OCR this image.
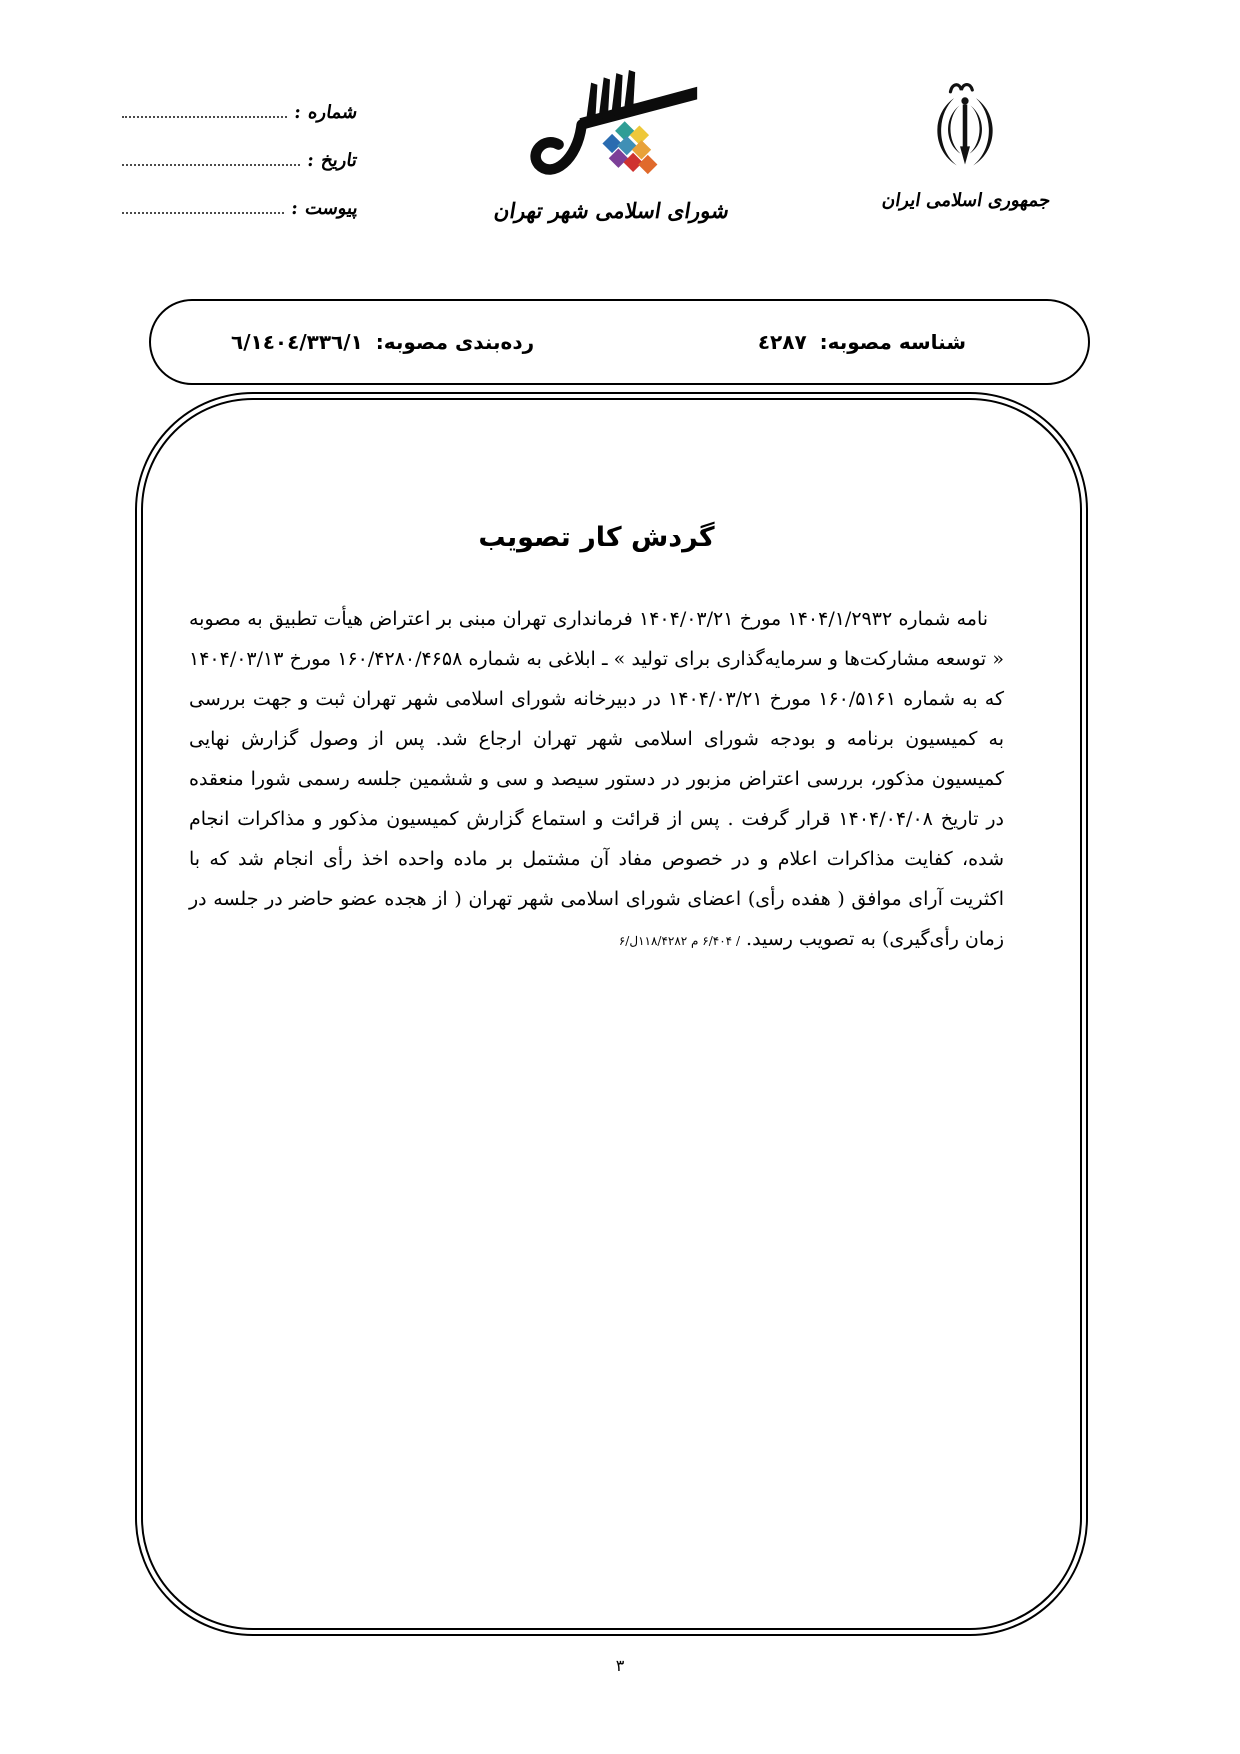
شماره :
تاریخ :
پیوست :	شورای اسلامی شهر تهران	جمهوری اسلامی ایران
شناسه مصوبه: ٤٢٨٧
رده‌بندی مصوبه: ٦/١٤٠٤/٣٣٦/١
گردش کار تصویب

نامه شماره ۱۴۰۴/۱/۲۹۳۲ مورخ ۱۴۰۴/۰۳/۲۱ فرمانداری تهران مبنی بر اعتراض هیأت تطبیق به مصوبه « توسعه مشارکت‌ها و سرمایه‌گذاری برای تولید » ـ ابلاغی به شماره ۱۶۰/۴۲۸۰/۴۶۵۸ مورخ ۱۴۰۴/۰۳/۱۳ که به شماره ۱۶۰/۵۱۶۱ مورخ ۱۴۰۴/۰۳/۲۱ در دبیرخانه شورای اسلامی شهر تهران ثبت و جهت بررسی به کمیسیون برنامه و بودجه شورای اسلامی شهر تهران ارجاع شد. پس از وصول گزارش نهایی کمیسیون مذکور، بررسی اعتراض مزبور در دستور سیصد و سی و ششمین جلسه رسمی شورا منعقده در تاریخ ۱۴۰۴/۰۴/۰۸ قرار گرفت . پس از قرائت و استماع گزارش کمیسیون مذکور و مذاکرات انجام شده، کفایت مذاکرات اعلام و در خصوص مفاد آن مشتمل بر ماده واحده اخذ رأی انجام شد که با اکثریت آرای موافق ( هفده رأی) اعضای شورای اسلامی شهر تهران ( از هجده عضو حاضر در جلسه در زمان رأی‌گیری) به تصویب رسید. / ۶/۴۰۴ م ۱۱۸/۴۲۸۲ل/۶

۳
